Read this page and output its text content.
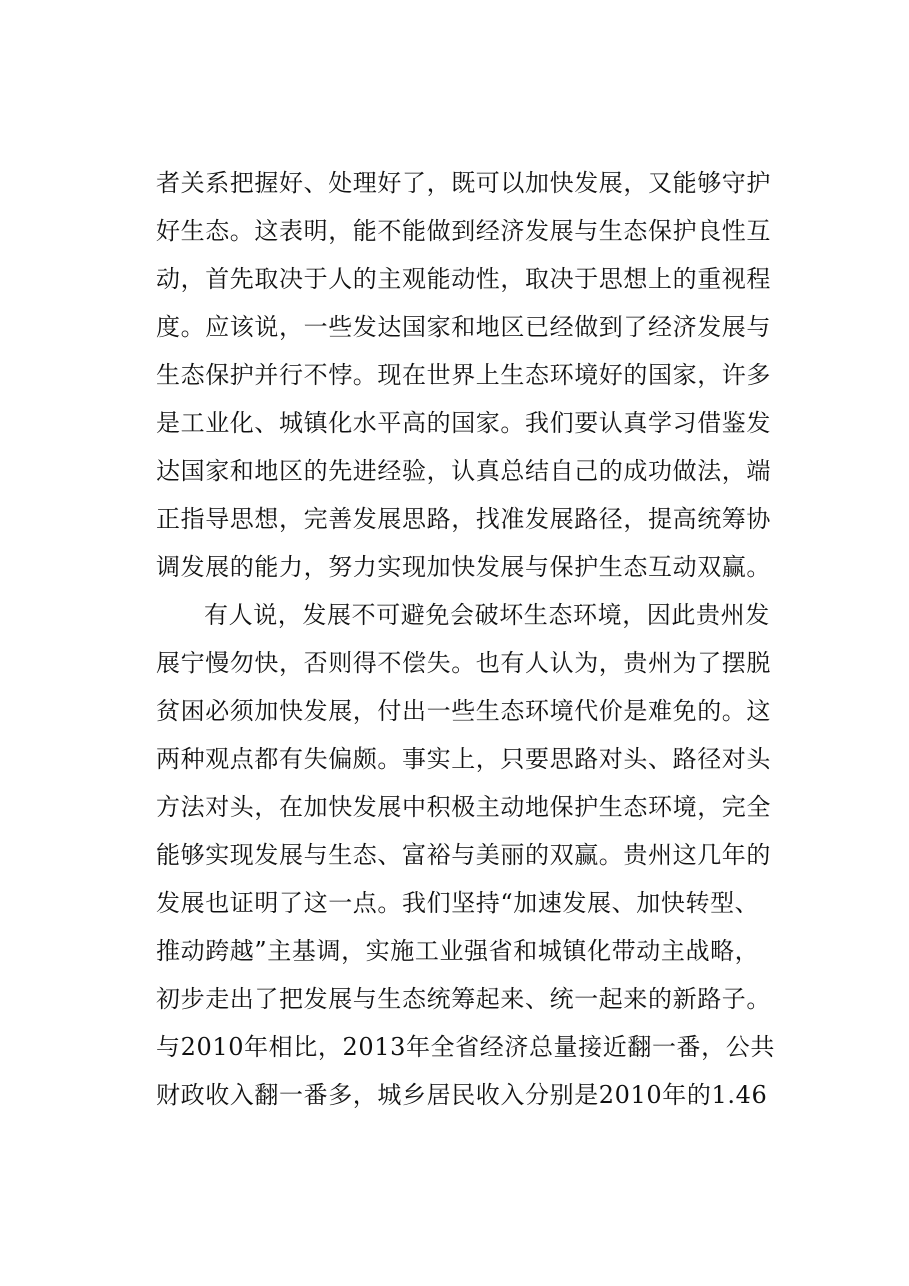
者关系把握好、处理好了，既可以加快发展，又能够守护
好生态。这表明，能不能做到经济发展与生态保护良性互
动，首先取决于人的主观能动性，取决于思想上的重视程
度。应该说，一些发达国家和地区已经做到了经济发展与
生态保护并行不悖。现在世界上生态环境好的国家，许多
是工业化、城镇化水平高的国家。我们要认真学习借鉴发
达国家和地区的先进经验，认真总结自己的成功做法，端
正指导思想，完善发展思路，找准发展路径，提高统筹协
调发展的能力，努力实现加快发展与保护生态互动双赢。
有人说，发展不可避免会破坏生态环境，因此贵州发
展宁慢勿快，否则得不偿失。也有人认为，贵州为了摆脱
贫困必须加快发展，付出一些生态环境代价是难免的。这
两种观点都有失偏颇。事实上，只要思路对头、路径对头
方法对头，在加快发展中积极主动地保护生态环境，完全
能够实现发展与生态、富裕与美丽的双赢。贵州这几年的
发展也证明了这一点。我们坚持“加速发展、加快转型、
推动跨越”主基调，实施工业强省和城镇化带动主战略，
初步走出了把发展与生态统筹起来、统一起来的新路子。
与2010年相比，2013年全省经济总量接近翻一番，公共
财政收入翻一番多，城乡居民收入分别是2010年的1.46
